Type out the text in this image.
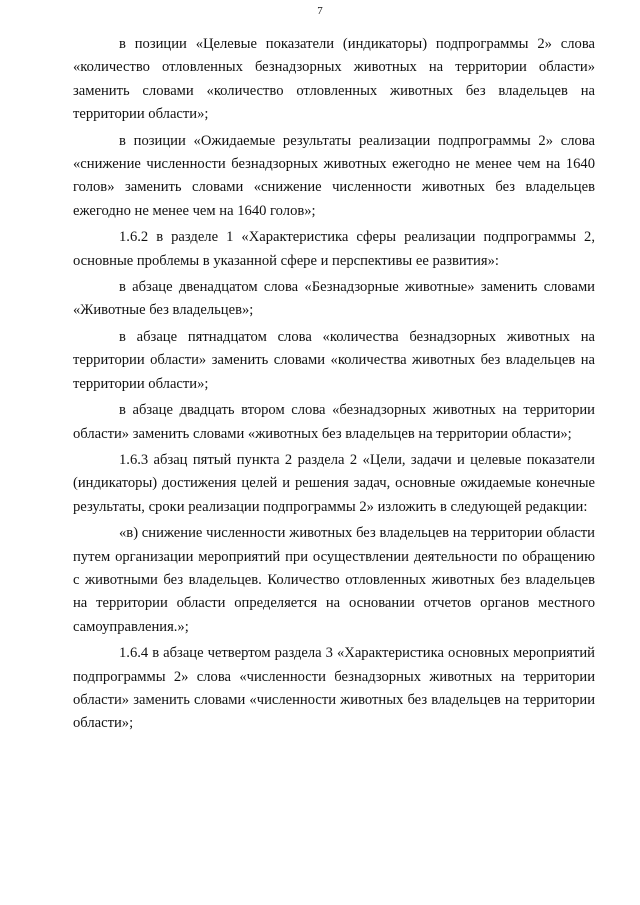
7

в позиции «Целевые показатели (индикаторы) подпрограммы 2» слова «количество отловленных безнадзорных животных на территории области» заменить словами «количество отловленных животных без владельцев на территории области»;

в позиции «Ожидаемые результаты реализации подпрограммы 2» слова «снижение численности безнадзорных животных ежегодно не менее чем на 1640 голов» заменить словами «снижение численности животных без владельцев ежегодно не менее чем на 1640 голов»;

1.6.2 в разделе 1 «Характеристика сферы реализации подпрограммы 2, основные проблемы в указанной сфере и перспективы ее развития»:

в абзаце двенадцатом слова «Безнадзорные животные» заменить словами «Животные без владельцев»;

в абзаце пятнадцатом слова «количества безнадзорных животных на территории области» заменить словами «количества животных без владельцев на территории области»;

в абзаце двадцать втором слова «безнадзорных животных на территории области» заменить словами «животных без владельцев на территории области»;

1.6.3 абзац пятый пункта 2 раздела 2 «Цели, задачи и целевые показатели (индикаторы) достижения целей и решения задач, основные ожидаемые конечные результаты, сроки реализации подпрограммы 2» изложить в следующей редакции:

«в) снижение численности животных без владельцев на территории области путем организации мероприятий при осуществлении деятельности по обращению с животными без владельцев. Количество отловленных животных без владельцев на территории области определяется на основании отчетов органов местного самоуправления.»;

1.6.4 в абзаце четвертом раздела 3 «Характеристика основных мероприятий подпрограммы 2» слова «численности безнадзорных животных на территории области» заменить словами «численности животных без владельцев на территории области»;
